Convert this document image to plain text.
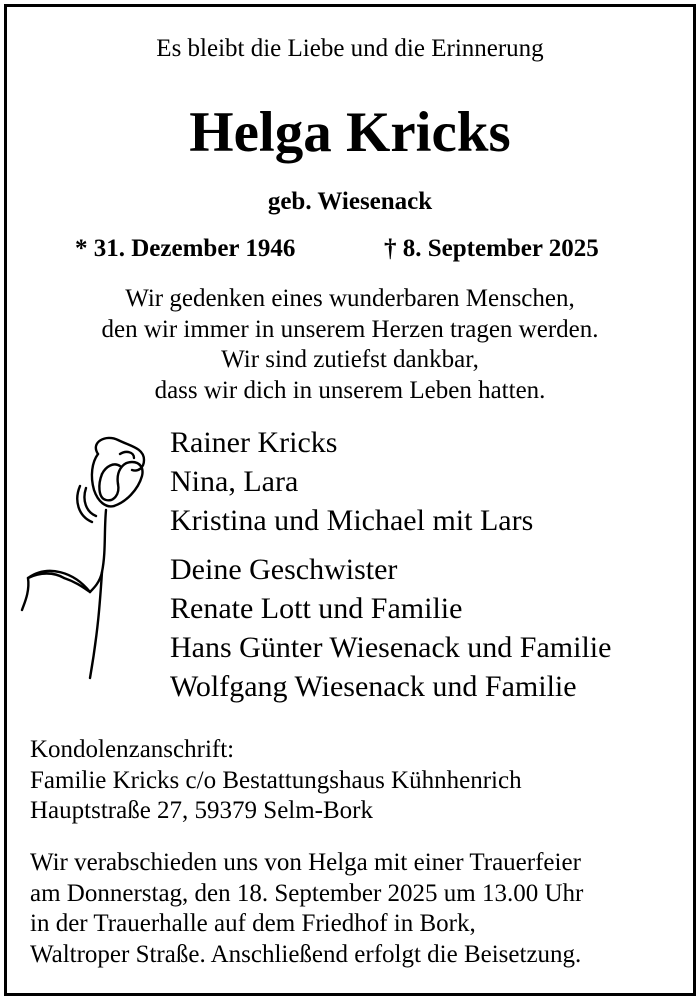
Es bleibt die Liebe und die Erinnerung
Helga Kricks
geb. Wiesenack
* 31. Dezember 1946	† 8. September 2025
Wir gedenken eines wunderbaren Menschen,
den wir immer in unserem Herzen tragen werden.
Wir sind zutiefst dankbar,
dass wir dich in unserem Leben hatten.
Rainer Kricks
Nina, Lara
Kristina und Michael mit Lars
Deine Geschwister
Renate Lott und Familie
Hans Günter Wiesenack und Familie
Wolfgang Wiesenack und Familie
Kondolenzanschrift:
Familie Kricks c/o Bestattungshaus Kühnhenrich
Hauptstraße 27, 59379 Selm-Bork
Wir verabschieden uns von Helga mit einer Trauerfeier
am Donnerstag, den 18. September 2025 um 13.00 Uhr
in der Trauerhalle auf dem Friedhof in Bork,
Waltroper Straße. Anschließend erfolgt die Beisetzung.
